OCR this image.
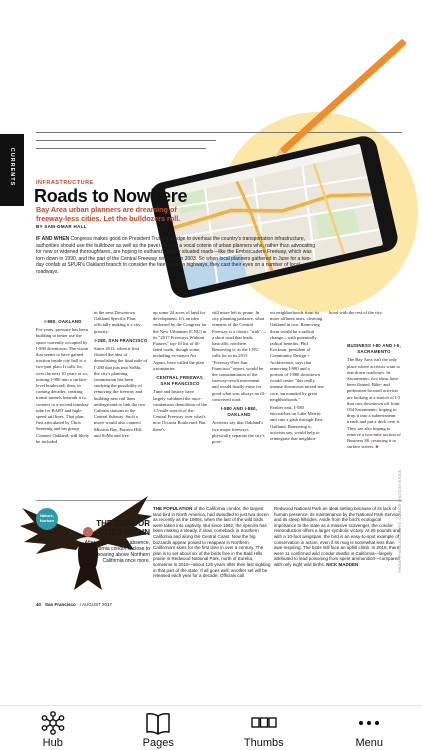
CURRENTS	INFRASTRUCTURE
Roads to Nowhere
Bay Area urban planners are dreaming of freeway-less cities. Let the bulldozers roll.
BY SAM-OMAR HALL
IF AND WHEN Congress makes good on President Trump's pledge to overhaul the country's transportation infrastructure, authorities should use the bulldozer as well as the paver. So say a vocal coterie of urban planners who, rather than advocating for new or widened thoroughfares, are hoping to euthanize poorly situated roads—like the Embarcadero Freeway, which was torn down in 1990, and the part of the Central Freeway removed in 2003. So when local planners gathered in June for a two-day confab at SPUR's Oakland branch to consider the fate of urban highways, they cast their eyes on a number of local roadways.
I-980, OAKLAND

For years, pressure has been building to better use the space currently occupied by I-980 downtown. The vision that seems to have gained traction inside city hall is a two-part plan: It calls for, over the next 10 years or so, turning I-980 into a surface-level boulevard; then, in coming decades, creating transit tunnels beneath it to connect to a second transbay tube for BART and high-speed rail lines. That plan, first articulated by Chris Sensenig and his group Connect Oakland, will likely be included

in the next Downtown Oakland Specific Plan, officially making it a city priority.

I-280, SAN FRANCISCO

Since 2012, when it first floated the idea of demolishing the final mile of I-280 that juts into SoMa, the city's planning commission has been studying the possibility of removing the freeway and building new rail lines underground to link the two Caltrain stations to the Central Subway. Such a move would also connect Mission Bay, Potrero Hill, and SoMa and free

up some 24 acres of land for development. It's an idea endorsed by the Congress for the New Urbanism (CNU) in its "2017 Freeways Without Futures" top-10 list of ill-fated roads, though some, including ex-mayor Art Agnos, have called the plan a nonstarter.

CENTRAL FREEWAY, SAN FRANCISCO

Time and history have largely validated the once-contentious demolition of the 1.5-mile stretch of the Central Freeway over what's now Octavia Boulevard. But there's

still more left to prune. In city planning parlance, what remains of the Central Freeway is a classic "stub"—a short road that leads, basically, nowhere. Removing it, as the CNU calls for in its 2015 "Freeway-Free San Francisco" report, would be the consummation of the freeway-revolt movement and would finally erase for good what was always an ill-conceived road.

I-580 AND I-880, OAKLAND

Activists say that Oakland's two major freeways physically separate the city's poor-

est neighborhoods from its more affluent ones, cleaving Oakland in two. Removing them would be a radical change—with potentially radical benefits. Phil Erickson, president of Community Design + Architecture, says that removing I-980 and a portion of I-880 downtown would create "this really intense downtown mixed-use core, surrounded by great neighborhoods."

Farther east, I-580 encroaches on Lake Merritt and cuts a gash through East Oakland. Removing it, activists say, would help to reintegrate that neighbor-

hood with the rest of the city.

BUSINESS I-80 AND I-5, SACRAMENTO

The Bay Area isn't the only place where activists want to tear down roadways. In Sacramento, two ideas have been floated. Bike- and pedestrian-focused activists are looking at a stretch of I-5 that cuts downtown off from Old Sacramento, hoping to drop it into a subterranean trench and put a deck over it. They are also hoping to remove a two-mile section of Business 80, restoring it to surface streets. ■

Nature, Nurture	THE CONDOR FLIES AGAIN
After a century-long absence, the California condor is close to soaring above Northern California once more.
THE POPULATION of the California condor, the largest land bird in North America, had dwindled to just two dozen as recently as the 1980s, when the last of the wild birds were taken into captivity. But since 1992, the species has been making a steady, if slow, comeback in Southern California and along the Central Coast. Now the big buzzards appear poised to reappear in Northern California's skies for the first time in over a century. The plan is to set about six of the birds free in the Bald Hills prairie in Redwood National Park, north of Eureka, sometime in 2019—about 125 years after their last sighting in that part of the state. If all goes well, another set will be released each year for a decade. Officials call
Redwood National Park an ideal setting because of its lack of human presence, its maintenance by the National Park Service, and its steep hillsides. Aside from the bird's ecological importance to the state as a massive scavenger, the condor reintroduction offers a larger symbolic victory. At 25 pounds and with a 10-foot wingspan, the bird is an easy-to-spot example of conservation in action, even if its mug is somewhat less than awe-inspiring. The birds still face an uphill climb. In 2016, there were 11 confirmed wild condor deaths in California—largely attributed to lead poisoning from spent ammunition—compared with only eight wild births. NICK MADDEN	PHONE: IPHONE/JULIA ASPRO; CONDOR: PHOTO BY ISTOCK
40 San Francisco / AUGUST 2017
Hub	Pages	Thumbs	Menu
